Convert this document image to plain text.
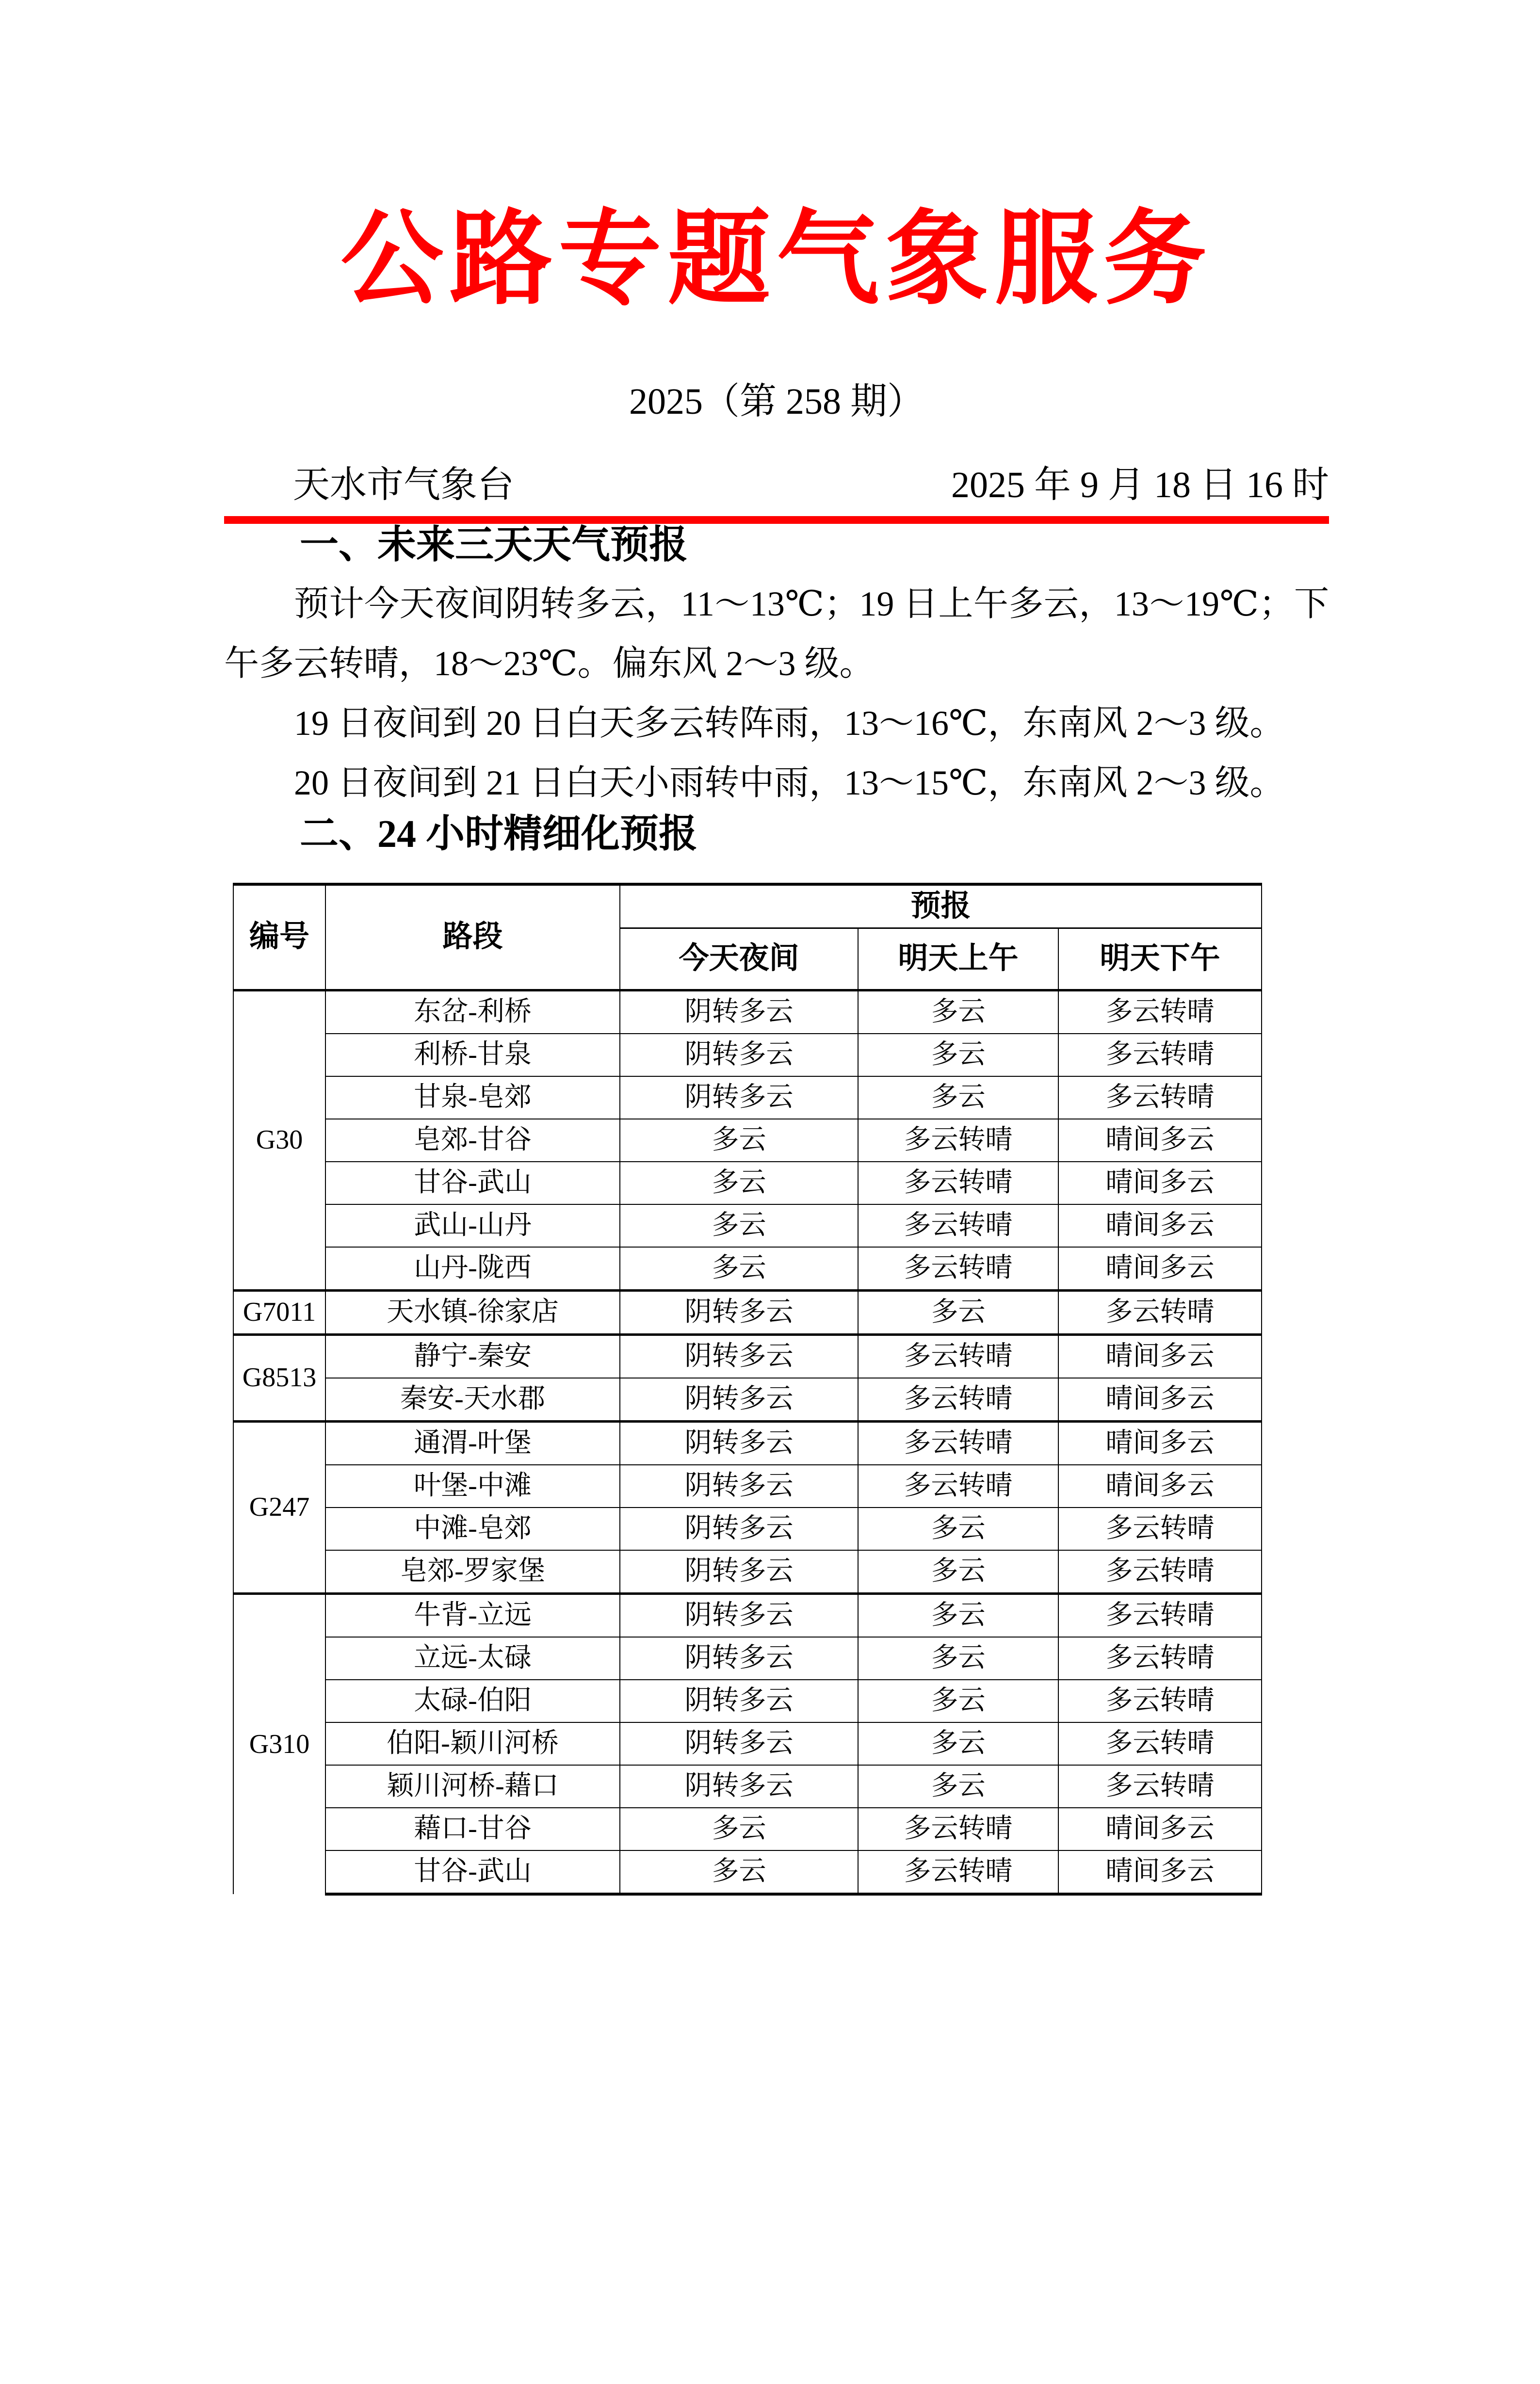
公路专题气象服务
2025（第 258 期）
天水市气象台	2025 年 9 月 18 日 16 时
一、未来三天天气预报

预计今天夜间阴转多云，11～13℃；19 日上午多云，13～19℃；下午多云转晴，18～23℃。偏东风 2～3 级。

19 日夜间到 20 日白天多云转阵雨，13～16℃，东南风 2～3 级。

20 日夜间到 21 日白天小雨转中雨，13～15℃，东南风 2～3 级。

二、24 小时精细化预报
编号	路段	预报		
		今天夜间	明天上午	明天下午
G30	东岔-利桥	阴转多云	多云	多云转晴
	利桥-甘泉	阴转多云	多云	多云转晴
	甘泉-皂郊	阴转多云	多云	多云转晴
	皂郊-甘谷	多云	多云转晴	晴间多云
	甘谷-武山	多云	多云转晴	晴间多云
	武山-山丹	多云	多云转晴	晴间多云
	山丹-陇西	多云	多云转晴	晴间多云
G7011	天水镇-徐家店	阴转多云	多云	多云转晴
G8513	静宁-秦安	阴转多云	多云转晴	晴间多云
	秦安-天水郡	阴转多云	多云转晴	晴间多云
G247	通渭-叶堡	阴转多云	多云转晴	晴间多云
	叶堡-中滩	阴转多云	多云转晴	晴间多云
	中滩-皂郊	阴转多云	多云	多云转晴
	皂郊-罗家堡	阴转多云	多云	多云转晴
G310	牛背-立远	阴转多云	多云	多云转晴
	立远-太碌	阴转多云	多云	多云转晴
	太碌-伯阳	阴转多云	多云	多云转晴
	伯阳-颖川河桥	阴转多云	多云	多云转晴
	颖川河桥-藉口	阴转多云	多云	多云转晴
	藉口-甘谷	多云	多云转晴	晴间多云
	甘谷-武山	多云	多云转晴	晴间多云
